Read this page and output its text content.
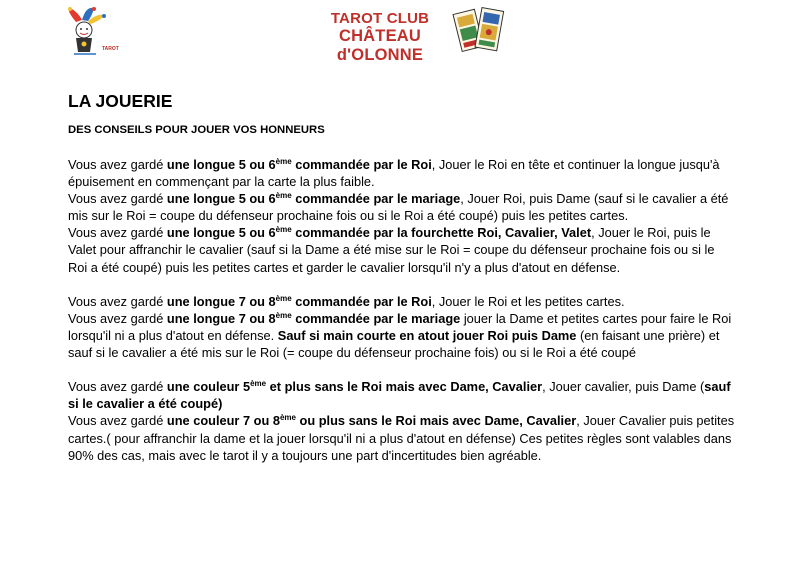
TAROT
TAROT CLUB
CHÂTEAU d'OLONNE
LA JOUERIE
DES CONSEILS POUR JOUER VOS HONNEURS

Vous avez gardé une longue 5 ou 6ème commandée par le Roi, Jouer le Roi en tête et continuer la longue jusqu'à épuisement en commençant par la carte la plus faible.
Vous avez gardé une longue 5 ou 6ème commandée par le mariage, Jouer Roi, puis Dame (sauf si le cavalier a été mis sur le Roi = coupe du défenseur prochaine fois ou si le Roi a été coupé) puis les petites cartes.
Vous avez gardé une longue 5 ou 6ème commandée par la fourchette Roi, Cavalier, Valet, Jouer le Roi, puis le Valet pour affranchir le cavalier (sauf si la Dame a été mise sur le Roi = coupe du défenseur prochaine fois ou si le Roi a été coupé) puis les petites cartes et garder le cavalier lorsqu'il n'y a plus d'atout en défense.

Vous avez gardé une longue 7 ou 8ème commandée par le Roi, Jouer le Roi et les petites cartes.
Vous avez gardé une longue 7 ou 8ème commandée par le mariage jouer la Dame et petites cartes pour faire le Roi lorsqu'il ni a plus d'atout en défense. Sauf si main courte en atout jouer Roi puis Dame (en faisant une prière) et sauf si le cavalier a été mis sur le Roi (= coupe du défenseur prochaine fois) ou si le Roi a été coupé

Vous avez gardé une couleur 5ème et plus sans le Roi mais avec Dame, Cavalier, Jouer cavalier, puis Dame (sauf si le cavalier a été coupé)
Vous avez gardé une couleur 7 ou 8ème ou plus sans le Roi mais avec Dame, Cavalier, Jouer Cavalier puis petites cartes.( pour affranchir la dame et la jouer lorsqu'il ni a plus d'atout en défense) Ces petites règles sont valables dans 90% des cas, mais avec le tarot il y a toujours une part d'incertitudes bien agréable.
